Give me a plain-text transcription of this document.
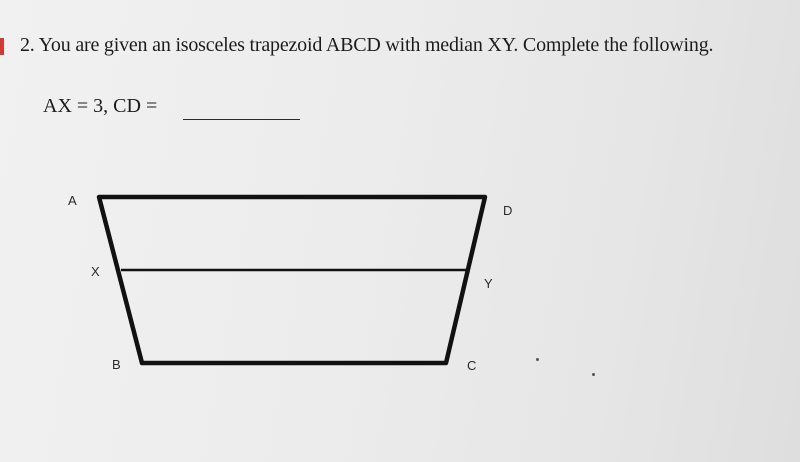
2. You are given an isosceles trapezoid ABCD with median XY. Complete the following.
AX = 3, CD =
A
D
X
Y
B	C
